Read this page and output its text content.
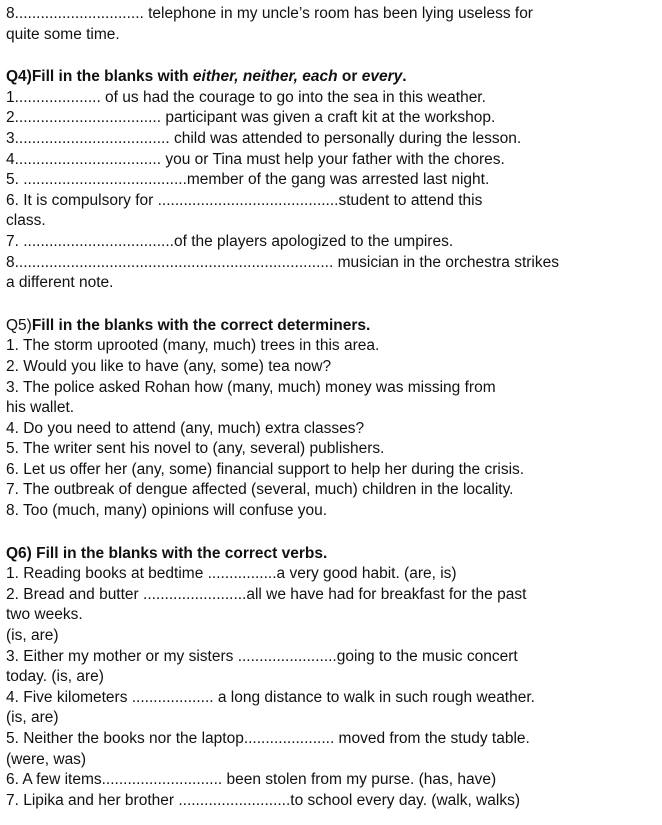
8.............................. telephone in my uncle’s room has been lying useless for
quite some time.
Q4)Fill in the blanks with either, neither, each or every.
1.................... of us had the courage to go into the sea in this weather.
2.................................. participant was given a craft kit at the workshop.
3.................................... child was attended to personally during the lesson.
4.................................. you or Tina must help your father with the chores.
5. ......................................member of the gang was arrested last night.
6. It is compulsory for ..........................................student to attend this
class.
7. ...................................of the players apologized to the umpires.
8.......................................................................... musician in the orchestra strikes
a different note.
Q5)Fill in the blanks with the correct determiners.
1. The storm uprooted (many, much) trees in this area.
2. Would you like to have (any, some) tea now?
3. The police asked Rohan how (many, much) money was missing from
his wallet.
4. Do you need to attend (any, much) extra classes?
5. The writer sent his novel to (any, several) publishers.
6. Let us offer her (any, some) financial support to help her during the crisis.
7. The outbreak of dengue affected (several, much) children in the locality.
8. Too (much, many) opinions will confuse you.
Q6) Fill in the blanks with the correct verbs.
1. Reading books at bedtime ................a very good habit. (are, is)
2. Bread and butter ........................all we have had for breakfast for the past
two weeks.
(is, are)
3. Either my mother or my sisters .......................going to the music concert
today. (is, are)
4. Five kilometers ................... a long distance to walk in such rough weather.
(is, are)
5. Neither the books nor the laptop..................... moved from the study table.
(were, was)
6. A few items............................ been stolen from my purse. (has, have)
7. Lipika and her brother ..........................to school every day. (walk, walks)
